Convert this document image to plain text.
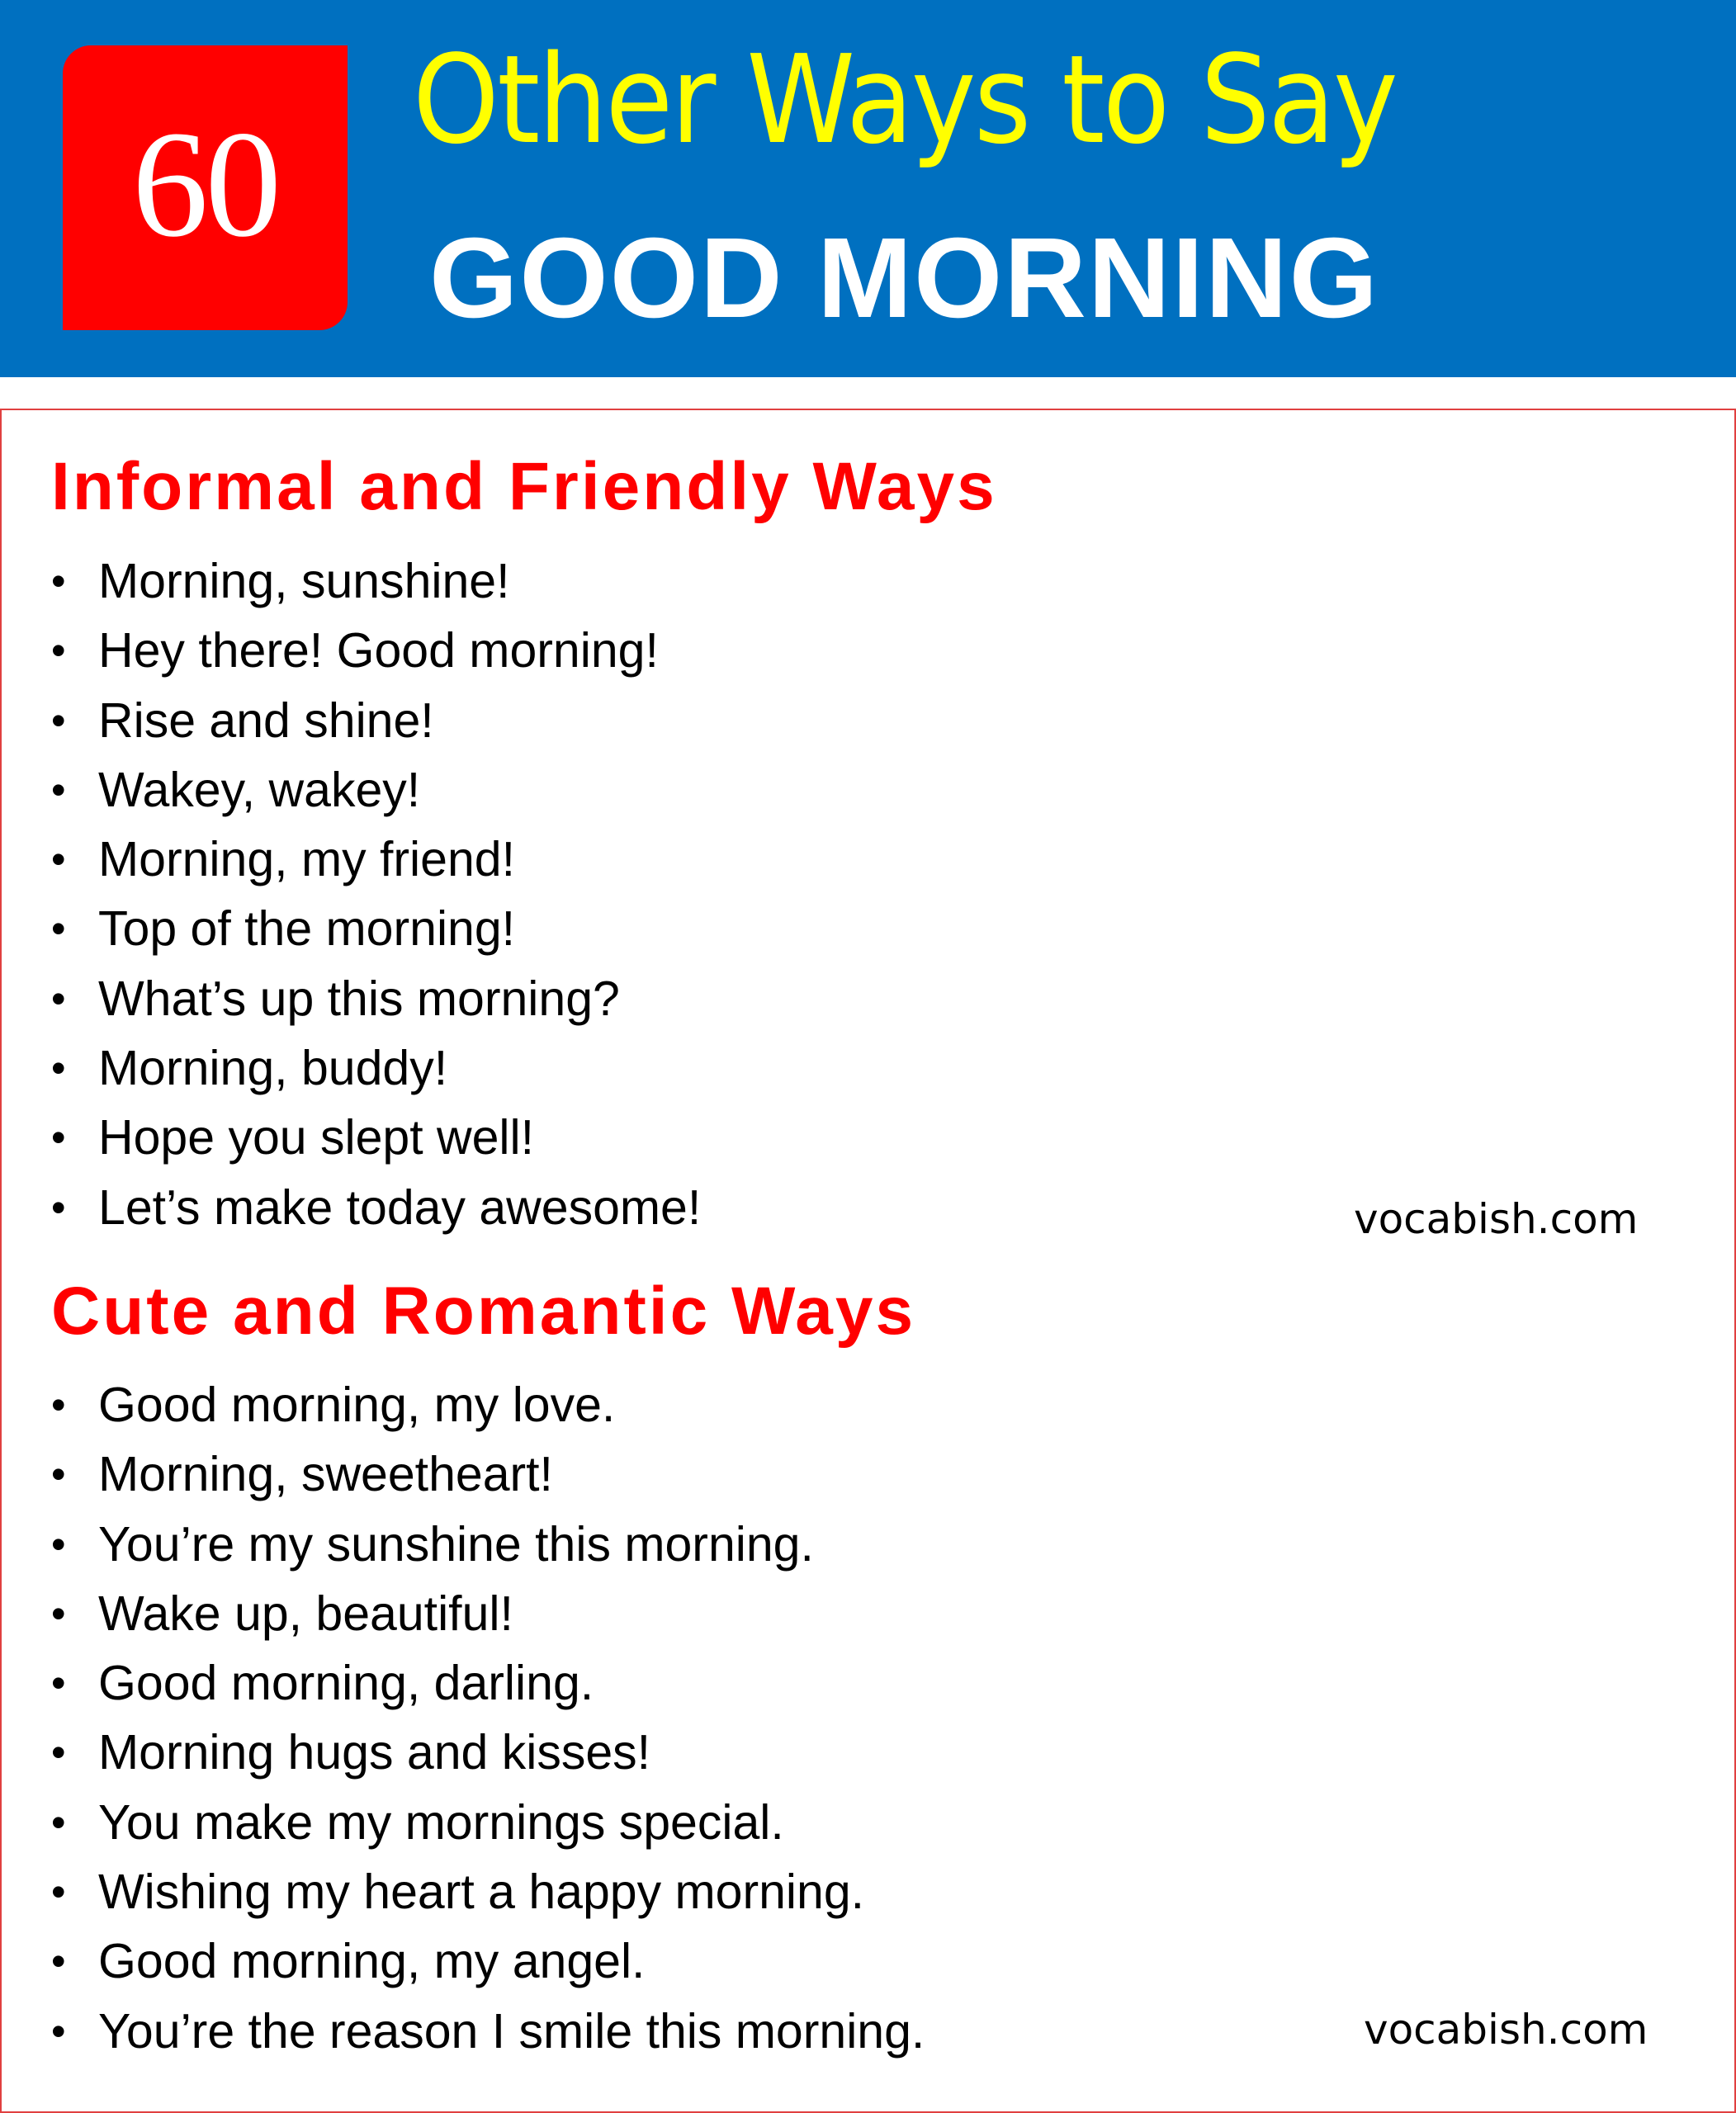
60 Other Ways to Say
GOOD MORNING
Informal and Friendly Ways
• Morning, sunshine!
• Hey there! Good morning!
• Rise and shine!
• Wakey, wakey!
• Morning, my friend!
• Top of the morning!
• What’s up this morning?
• Morning, buddy!
• Hope you slept well!
• Let’s make today awesome!	vocabish.com
Cute and Romantic Ways
• Good morning, my love.
• Morning, sweetheart!
• You’re my sunshine this morning.
• Wake up, beautiful!
• Good morning, darling.
• Morning hugs and kisses!
• You make my mornings special.
• Wishing my heart a happy morning.
• Good morning, my angel.
• You’re the reason I smile this morning.	vocabish.com
